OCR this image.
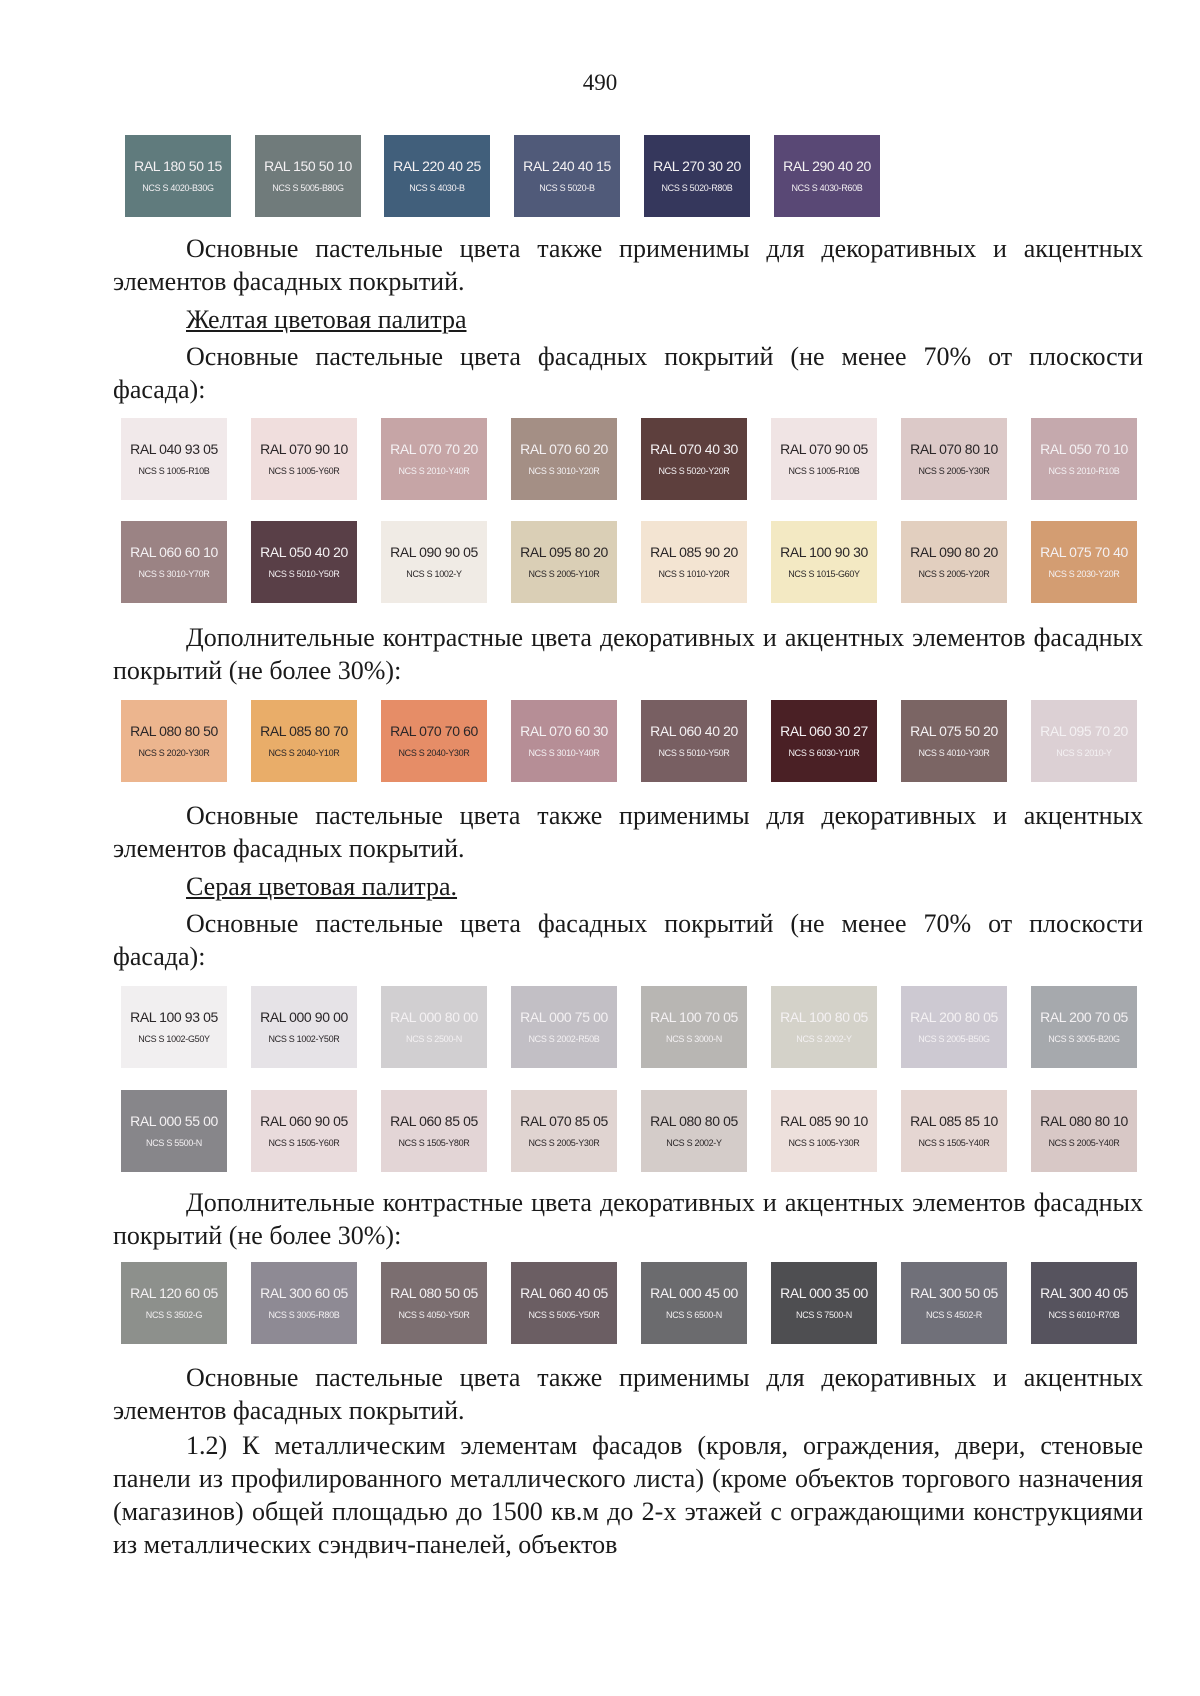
490
RAL 180 50 15
NCS S 4020-B30G
RAL 150 50 10
NCS S 5005-B80G
RAL 220 40 25
NCS S 4030-B
RAL 240 40 15
NCS S 5020-B
RAL 270 30 20
NCS S 5020-R80B
RAL 290 40 20
NCS S 4030-R60B

Основные пастельные цвета также применимы для декоративных и акцентных элементов фасадных покрытий.

Желтая цветовая палитра

Основные пастельные цвета фасадных покрытий (не менее 70% от плоскости фасада):

RAL 040 93 05
NCS S 1005-R10B
RAL 070 90 10
NCS S 1005-Y60R
RAL 070 70 20
NCS S 2010-Y40R
RAL 070 60 20
NCS S 3010-Y20R
RAL 070 40 30
NCS S 5020-Y20R
RAL 070 90 05
NCS S 1005-R10B
RAL 070 80 10
NCS S 2005-Y30R
RAL 050 70 10
NCS S 2010-R10B
RAL 060 60 10
NCS S 3010-Y70R
RAL 050 40 20
NCS S 5010-Y50R
RAL 090 90 05
NCS S 1002-Y
RAL 095 80 20
NCS S 2005-Y10R
RAL 085 90 20
NCS S 1010-Y20R
RAL 100 90 30
NCS S 1015-G60Y
RAL 090 80 20
NCS S 2005-Y20R
RAL 075 70 40
NCS S 2030-Y20R

Дополнительные контрастные цвета декоративных и акцентных элементов фасадных покрытий (не более 30%):

RAL 080 80 50
NCS S 2020-Y30R
RAL 085 80 70
NCS S 2040-Y10R
RAL 070 70 60
NCS S 2040-Y30R
RAL 070 60 30
NCS S 3010-Y40R
RAL 060 40 20
NCS S 5010-Y50R
RAL 060 30 27
NCS S 6030-Y10R
RAL 075 50 20
NCS S 4010-Y30R
RAL 095 70 20
NCS S 2010-Y

Основные пастельные цвета также применимы для декоративных и акцентных элементов фасадных покрытий.

Серая цветовая палитра.

Основные пастельные цвета фасадных покрытий (не менее 70% от плоскости фасада):

RAL 100 93 05
NCS S 1002-G50Y
RAL 000 90 00
NCS S 1002-Y50R
RAL 000 80 00
NCS S 2500-N
RAL 000 75 00
NCS S 2002-R50B
RAL 100 70 05
NCS S 3000-N
RAL 100 80 05
NCS S 2002-Y
RAL 200 80 05
NCS S 2005-B50G
RAL 200 70 05
NCS S 3005-B20G
RAL 000 55 00
NCS S 5500-N
RAL 060 90 05
NCS S 1505-Y60R
RAL 060 85 05
NCS S 1505-Y80R
RAL 070 85 05
NCS S 2005-Y30R
RAL 080 80 05
NCS S 2002-Y
RAL 085 90 10
NCS S 1005-Y30R
RAL 085 85 10
NCS S 1505-Y40R
RAL 080 80 10
NCS S 2005-Y40R

Дополнительные контрастные цвета декоративных и акцентных элементов фасадных покрытий (не более 30%):

RAL 120 60 05
NCS S 3502-G
RAL 300 60 05
NCS S 3005-R80B
RAL 080 50 05
NCS S 4050-Y50R
RAL 060 40 05
NCS S 5005-Y50R
RAL 000 45 00
NCS S 6500-N
RAL 000 35 00
NCS S 7500-N
RAL 300 50 05
NCS S 4502-R
RAL 300 40 05
NCS S 6010-R70B

Основные пастельные цвета также применимы для декоративных и акцентных элементов фасадных покрытий.

1.2) К металлическим элементам фасадов (кровля, ограждения, двери, стеновые панели из профилированного металлического листа) (кроме объектов торгового назначения (магазинов) общей площадью до 1500 кв.м до 2-х этажей с ограждающими конструкциями из металлических сэндвич-панелей, объектов
